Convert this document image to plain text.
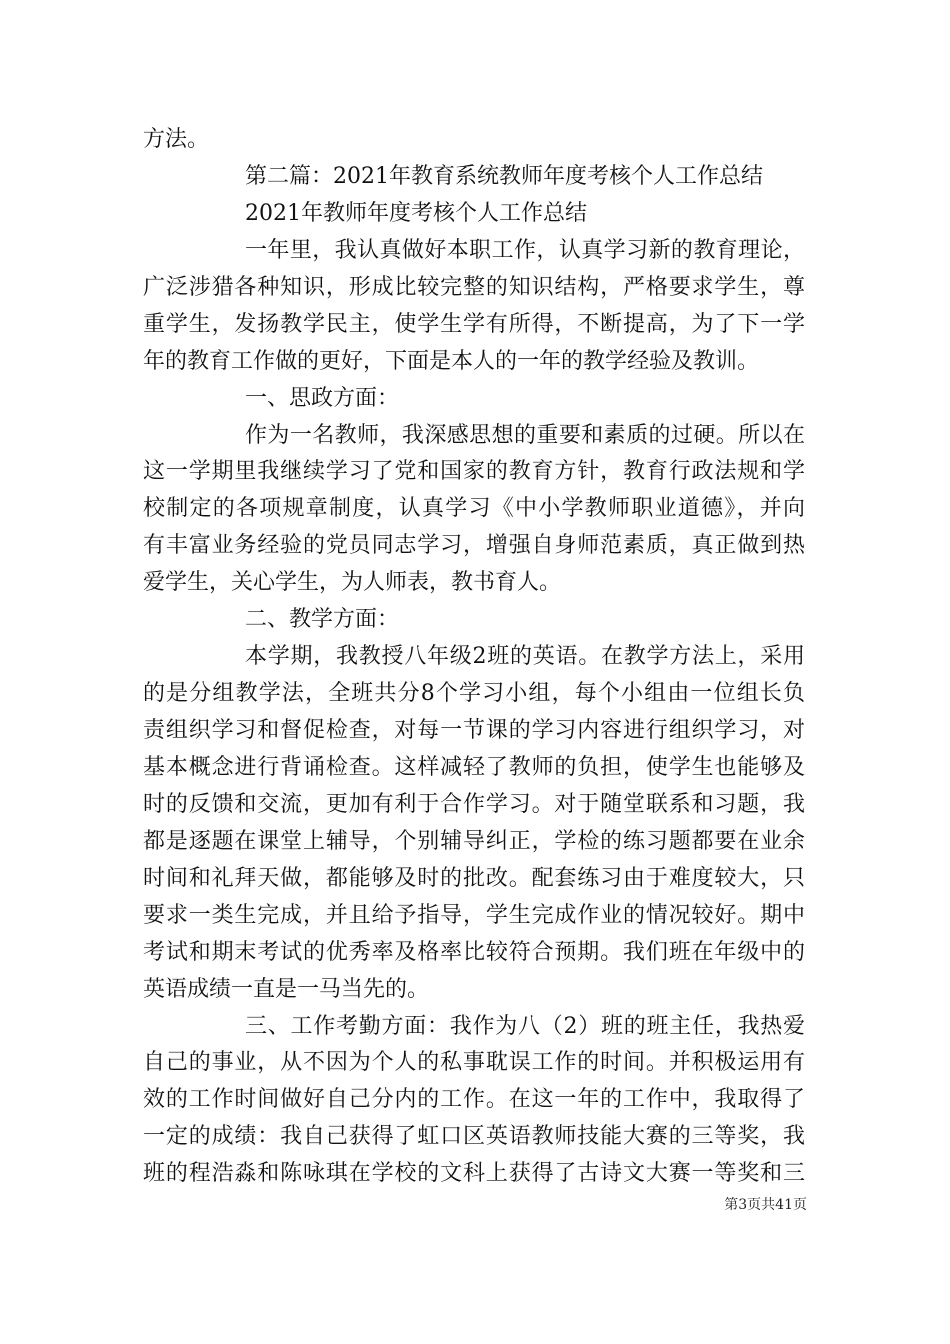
方法。
第二篇：2021年教育系统教师年度考核个人工作总结
2021年教师年度考核个人工作总结
一年里，我认真做好本职工作，认真学习新的教育理论，
广泛涉猎各种知识，形成比较完整的知识结构，严格要求学生，尊
重学生，发扬教学民主，使学生学有所得，不断提高，为了下一学
年的教育工作做的更好，下面是本人的一年的教学经验及教训。
一、思政方面：
作为一名教师，我深感思想的重要和素质的过硬。所以在
这一学期里我继续学习了党和国家的教育方针，教育行政法规和学
校制定的各项规章制度，认真学习《中小学教师职业道德》，并向
有丰富业务经验的党员同志学习，增强自身师范素质，真正做到热
爱学生，关心学生，为人师表，教书育人。
二、教学方面：
本学期，我教授八年级2班的英语。在教学方法上，采用
的是分组教学法，全班共分8个学习小组，每个小组由一位组长负
责组织学习和督促检查，对每一节课的学习内容进行组织学习，对
基本概念进行背诵检查。这样减轻了教师的负担，使学生也能够及
时的反馈和交流，更加有利于合作学习。对于随堂联系和习题，我
都是逐题在课堂上辅导，个别辅导纠正，学检的练习题都要在业余
时间和礼拜天做，都能够及时的批改。配套练习由于难度较大，只
要求一类生完成，并且给予指导，学生完成作业的情况较好。期中
考试和期末考试的优秀率及格率比较符合预期。我们班在年级中的
英语成绩一直是一马当先的。
三、工作考勤方面：我作为八（2）班的班主任，我热爱
自己的事业，从不因为个人的私事耽误工作的时间。并积极运用有
效的工作时间做好自己分内的工作。在这一年的工作中，我取得了
一定的成绩：我自己获得了虹口区英语教师技能大赛的三等奖，我
班的程浩淼和陈咏琪在学校的文科上获得了古诗文大赛一等奖和三
第3页共41页
